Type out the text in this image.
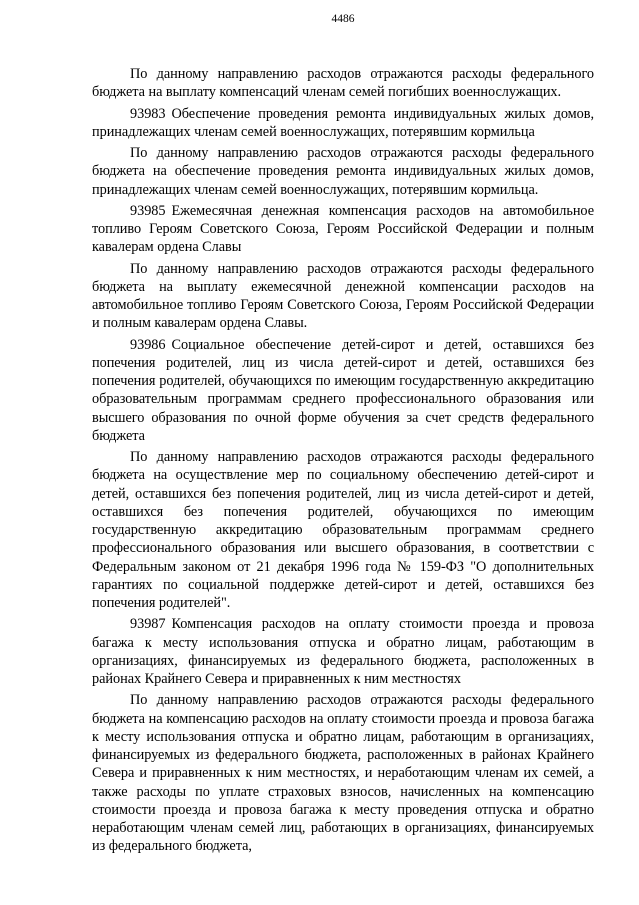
4486

По данному направлению расходов отражаются расходы федерального бюджета на выплату компенсаций членам семей погибших военнослужащих.

93983 Обеспечение проведения ремонта индивидуальных жилых домов, принадлежащих членам семей военнослужащих, потерявшим кормильца

По данному направлению расходов отражаются расходы федерального бюджета на обеспечение проведения ремонта индивидуальных жилых домов, принадлежащих членам семей военнослужащих, потерявшим кормильца.

93985 Ежемесячная денежная компенсация расходов на автомобильное топливо Героям Советского Союза, Героям Российской Федерации и полным кавалерам ордена Славы

По данному направлению расходов отражаются расходы федерального бюджета на выплату ежемесячной денежной компенсации расходов на автомобильное топливо Героям Советского Союза, Героям Российской Федерации и полным кавалерам ордена Славы.

93986 Социальное обеспечение детей-сирот и детей, оставшихся без попечения родителей, лиц из числа детей-сирот и детей, оставшихся без попечения родителей, обучающихся по имеющим государственную аккредитацию образовательным программам среднего профессионального образования или высшего образования по очной форме обучения за счет средств федерального бюджета

По данному направлению расходов отражаются расходы федерального бюджета на осуществление мер по социальному обеспечению детей-сирот и детей, оставшихся без попечения родителей, лиц из числа детей-сирот и детей, оставшихся без попечения родителей, обучающихся по имеющим государственную аккредитацию образовательным программам среднего профессионального образования или высшего образования, в соответствии с Федеральным законом от 21 декабря 1996 года № 159-ФЗ "О дополнительных гарантиях по социальной поддержке детей-сирот и детей, оставшихся без попечения родителей".

93987 Компенсация расходов на оплату стоимости проезда и провоза багажа к месту использования отпуска и обратно лицам, работающим в организациях, финансируемых из федерального бюджета, расположенных в районах Крайнего Севера и приравненных к ним местностях

По данному направлению расходов отражаются расходы федерального бюджета на компенсацию расходов на оплату стоимости проезда и провоза багажа к месту использования отпуска и обратно лицам, работающим в организациях, финансируемых из федерального бюджета, расположенных в районах Крайнего Севера и приравненных к ним местностях, и неработающим членам их семей, а также расходы по уплате страховых взносов, начисленных на компенсацию стоимости проезда и провоза багажа к месту проведения отпуска и обратно неработающим членам семей лиц, работающих в организациях, финансируемых из федерального бюджета,
